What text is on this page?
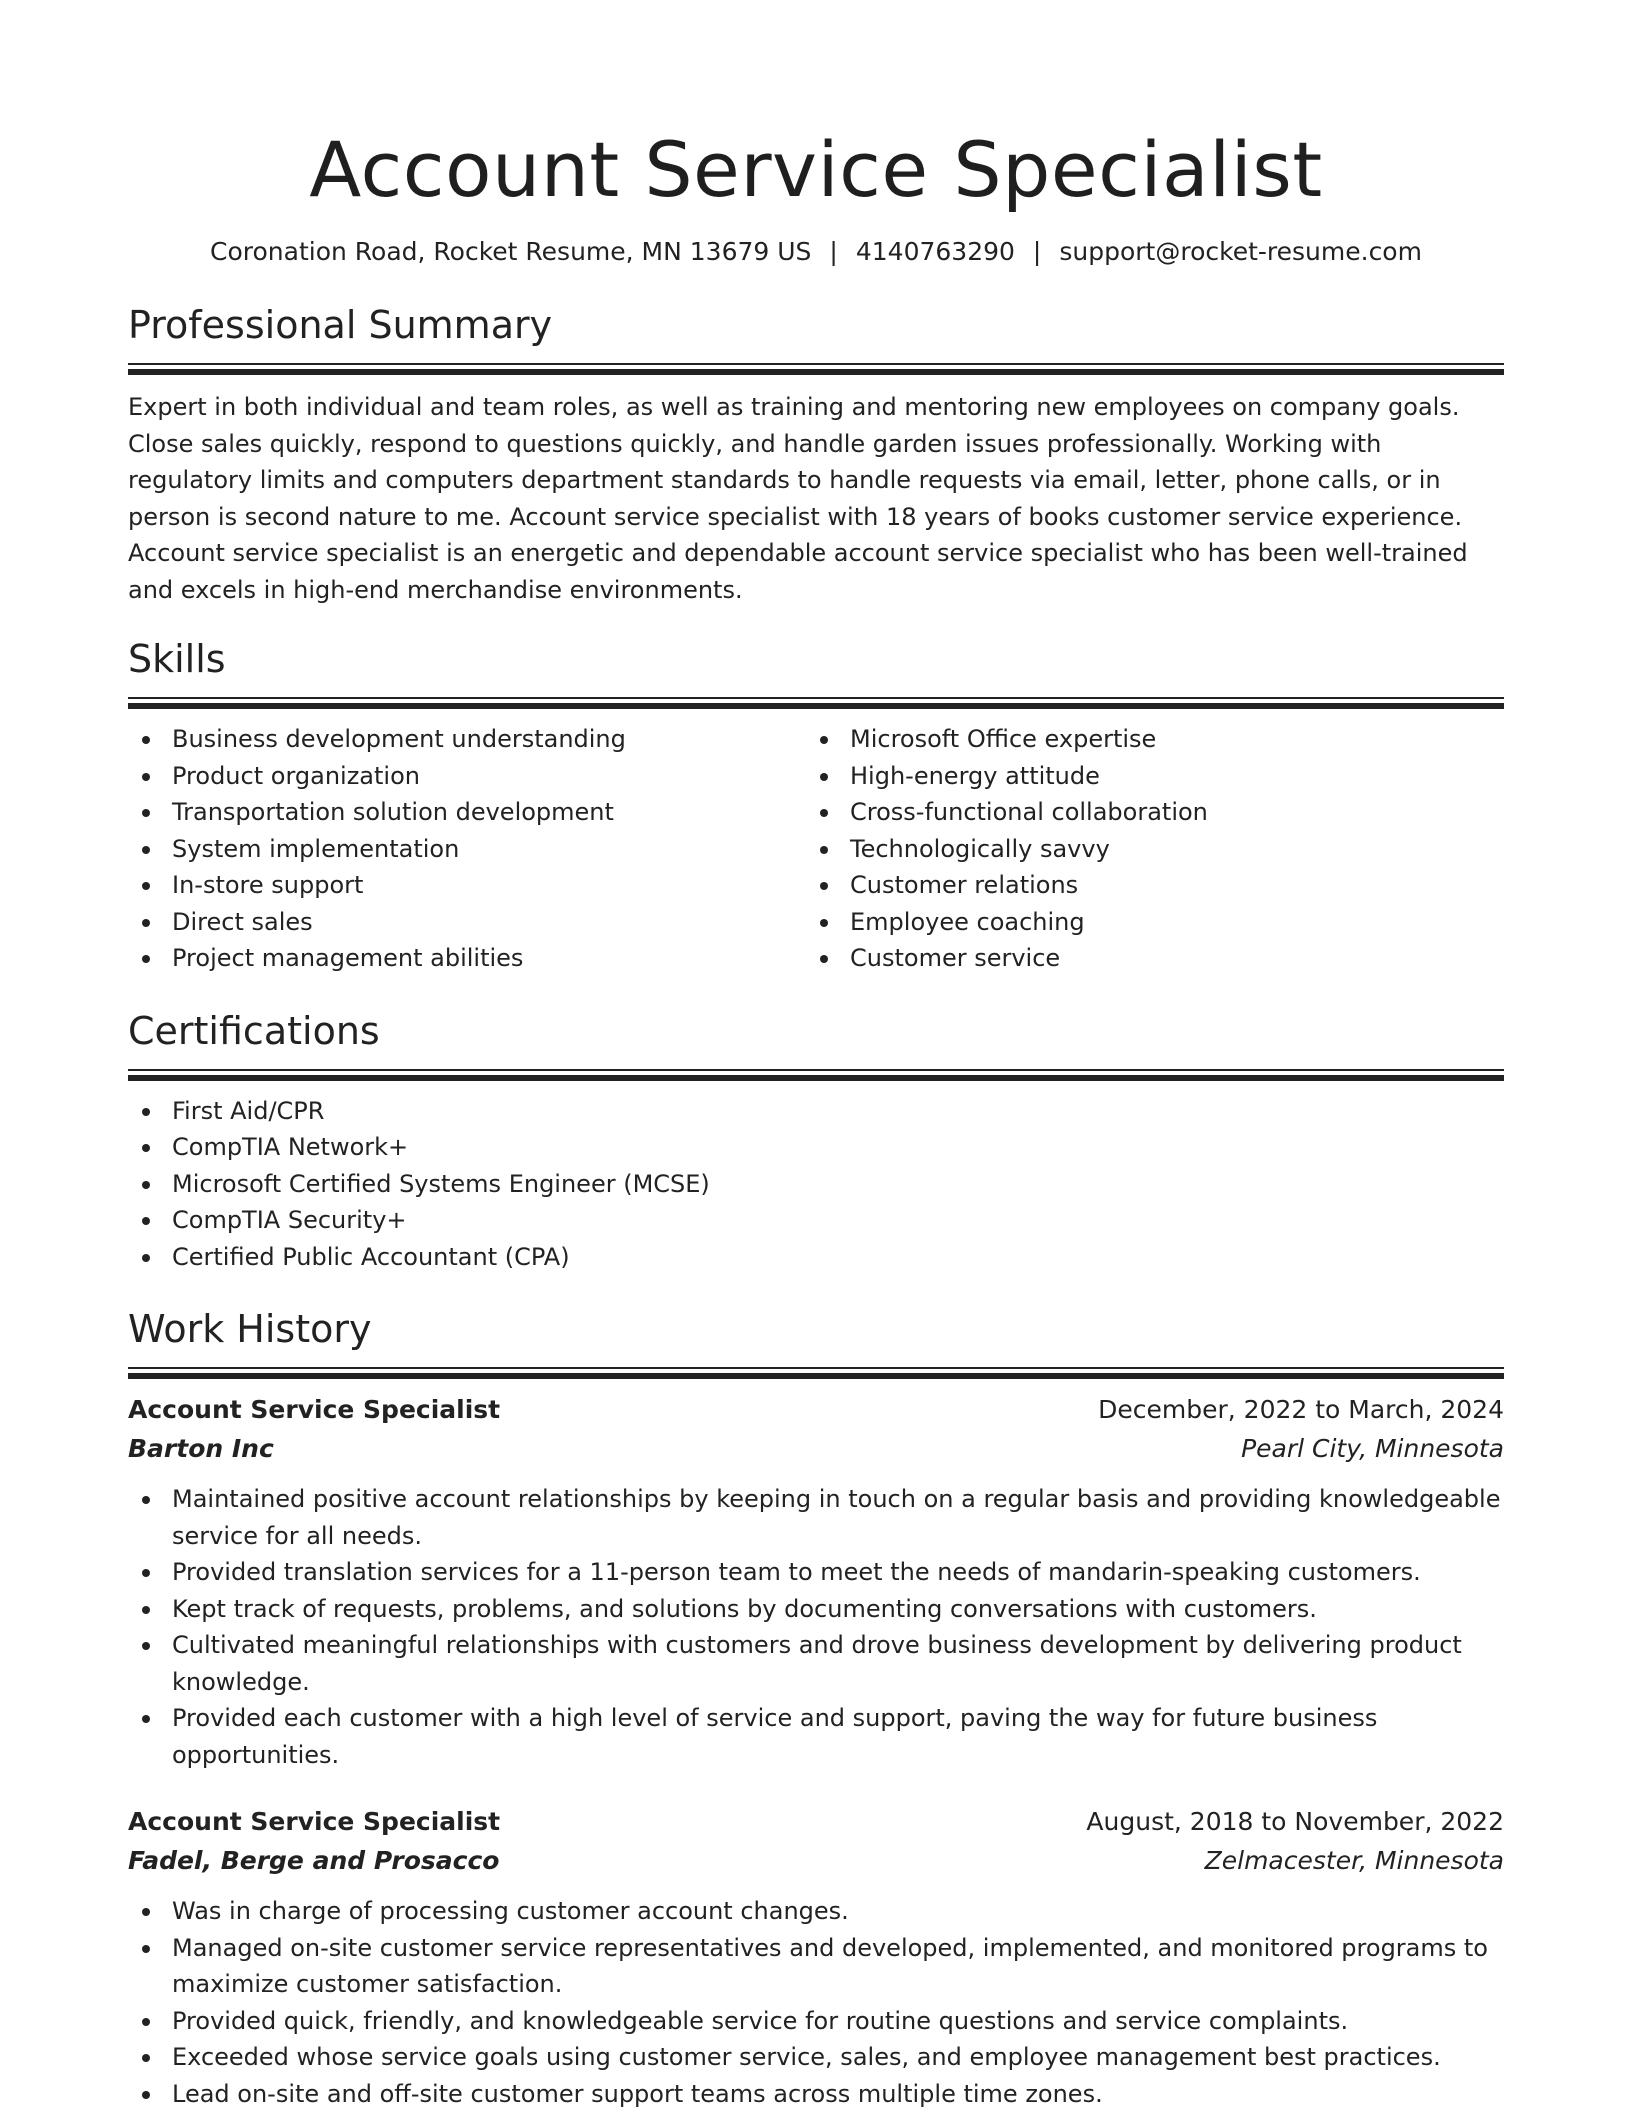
Account Service Specialist
Coronation Road, Rocket Resume, MN 13679 US | 4140763290 | support@rocket-resume.com
Professional Summary
Expert in both individual and team roles, as well as training and mentoring new employees on company goals. Close sales quickly, respond to questions quickly, and handle garden issues professionally. Working with regulatory limits and computers department standards to handle requests via email, letter, phone calls, or in person is second nature to me. Account service specialist with 18 years of books customer service experience. Account service specialist is an energetic and dependable account service specialist who has been well-trained and excels in high-end merchandise environments.
Skills
Business development understanding
Product organization
Transportation solution development
System implementation
In-store support
Direct sales
Project management abilities
Microsoft Office expertise
High-energy attitude
Cross-functional collaboration
Technologically savvy
Customer relations
Employee coaching
Customer service
Certifications
First Aid/CPR
CompTIA Network+
Microsoft Certified Systems Engineer (MCSE)
CompTIA Security+
Certified Public Accountant (CPA)
Work History
Account Service Specialist	December, 2022 to March, 2024
Barton Inc	Pearl City, Minnesota
Maintained positive account relationships by keeping in touch on a regular basis and providing knowledgeable service for all needs.
Provided translation services for a 11-person team to meet the needs of mandarin-speaking customers.
Kept track of requests, problems, and solutions by documenting conversations with customers.
Cultivated meaningful relationships with customers and drove business development by delivering product knowledge.
Provided each customer with a high level of service and support, paving the way for future business opportunities.
Account Service Specialist	August, 2018 to November, 2022
Fadel, Berge and Prosacco	Zelmacester, Minnesota
Was in charge of processing customer account changes.
Managed on-site customer service representatives and developed, implemented, and monitored programs to maximize customer satisfaction.
Provided quick, friendly, and knowledgeable service for routine questions and service complaints.
Exceeded whose service goals using customer service, sales, and employee management best practices.
Lead on-site and off-site customer support teams across multiple time zones.
